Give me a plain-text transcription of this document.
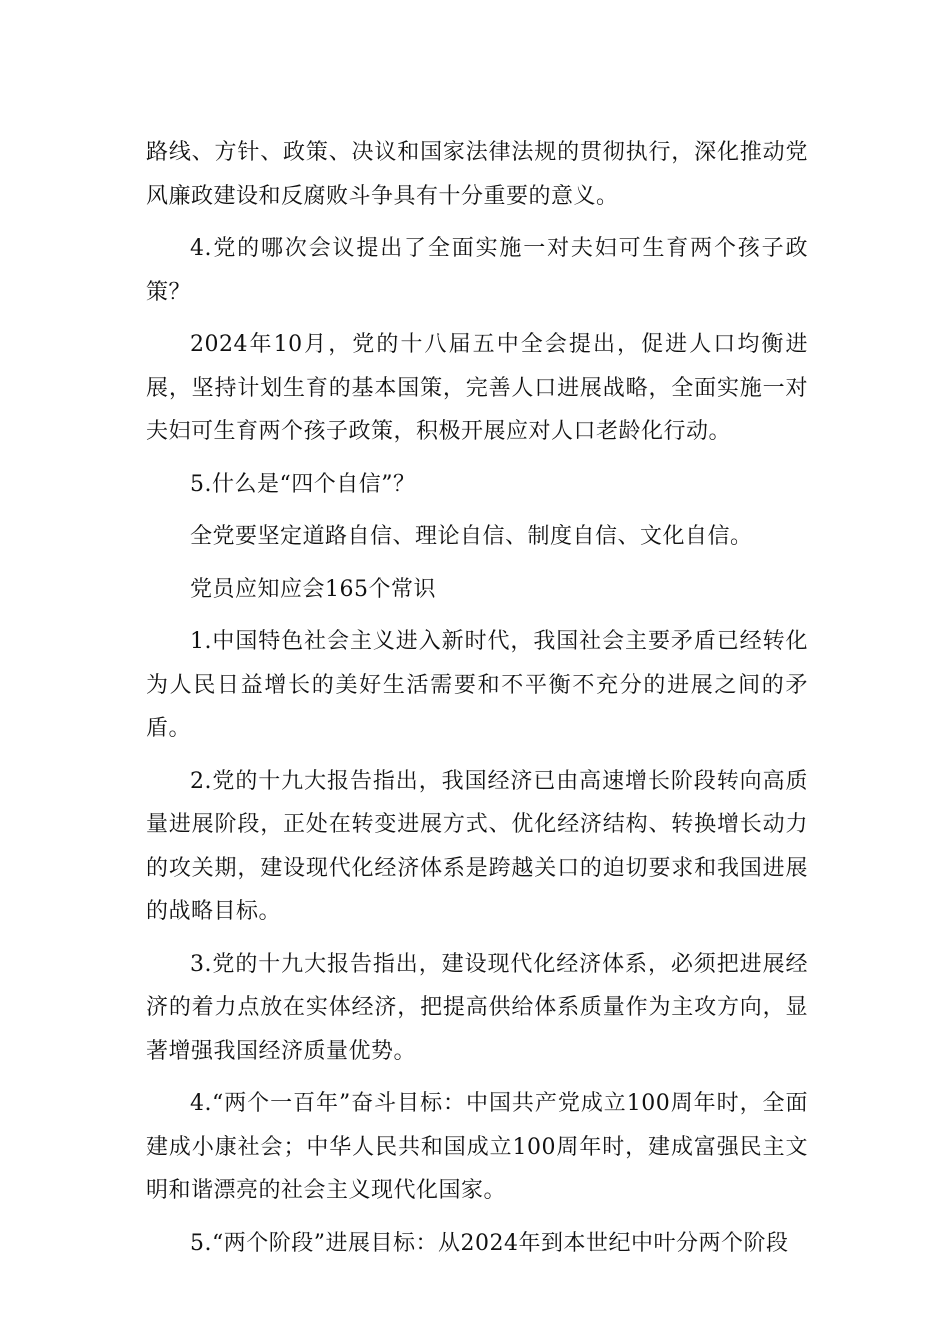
路线、方针、政策、决议和国家法律法规的贯彻执行，深化推动党风廉政建设和反腐败斗争具有十分重要的意义。

4.党的哪次会议提出了全面实施一对夫妇可生育两个孩子政策？

2024年10月，党的十八届五中全会提出，促进人口均衡进展，坚持计划生育的基本国策，完善人口进展战略，全面实施一对夫妇可生育两个孩子政策，积极开展应对人口老龄化行动。

5.什么是“四个自信”？

全党要坚定道路自信、理论自信、制度自信、文化自信。

党员应知应会165个常识

1.中国特色社会主义进入新时代，我国社会主要矛盾已经转化为人民日益增长的美好生活需要和不平衡不充分的进展之间的矛盾。

2.党的十九大报告指出，我国经济已由高速增长阶段转向高质量进展阶段，正处在转变进展方式、优化经济结构、转换增长动力的攻关期，建设现代化经济体系是跨越关口的迫切要求和我国进展的战略目标。

3.党的十九大报告指出，建设现代化经济体系，必须把进展经济的着力点放在实体经济，把提高供给体系质量作为主攻方向，显著增强我国经济质量优势。

4.“两个一百年”奋斗目标：中国共产党成立100周年时，全面建成小康社会；中华人民共和国成立100周年时，建成富强民主文明和谐漂亮的社会主义现代化国家。

5.“两个阶段”进展目标：从2024年到本世纪中叶分两个阶段
